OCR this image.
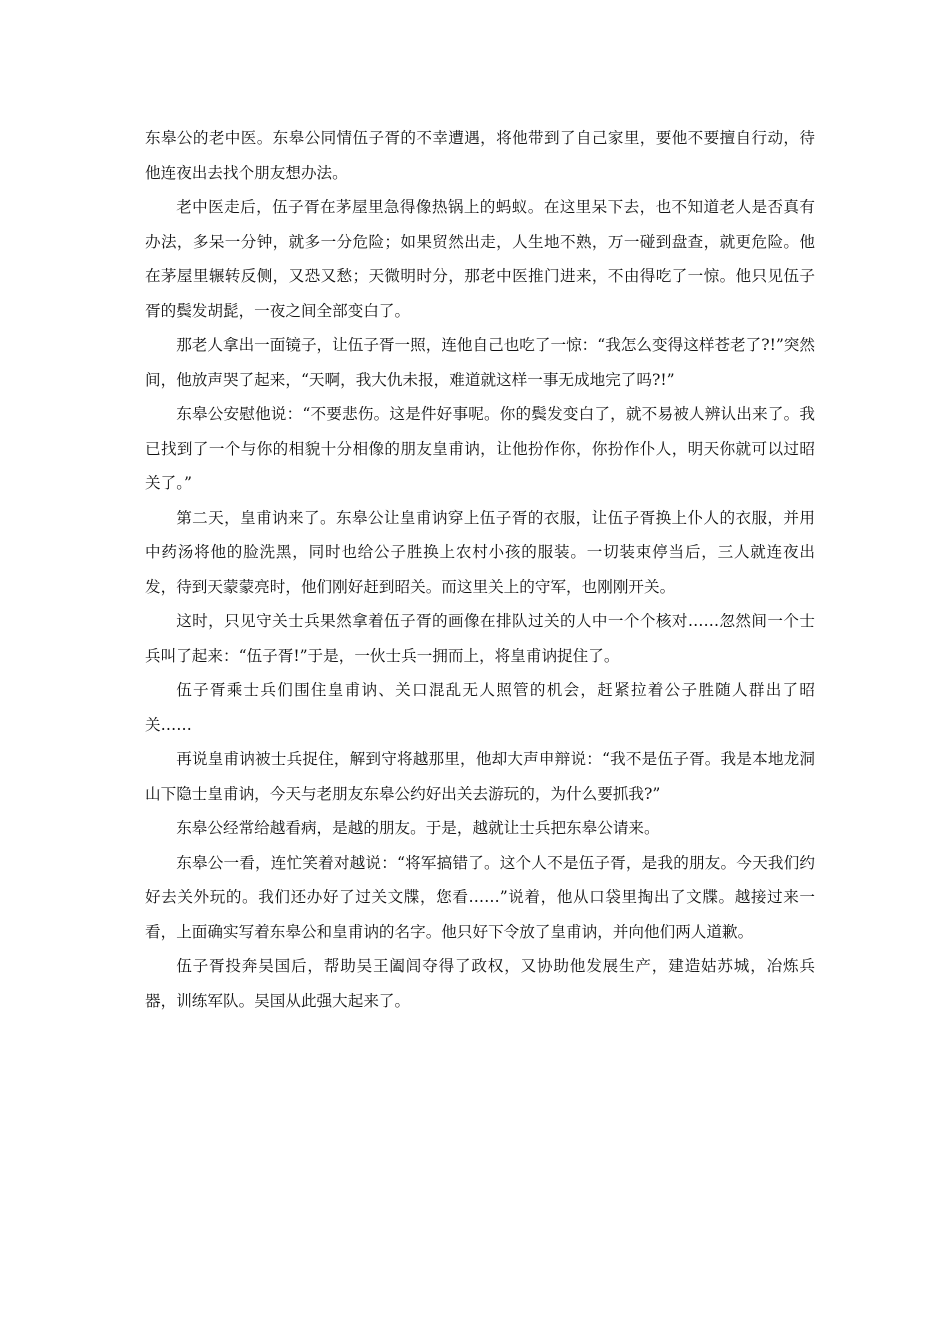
东皋公的老中医。东皋公同情伍子胥的不幸遭遇，将他带到了自己家里，要他不要擅自行动，待他连夜出去找个朋友想办法。

老中医走后，伍子胥在茅屋里急得像热锅上的蚂蚁。在这里呆下去，也不知道老人是否真有办法，多呆一分钟，就多一分危险；如果贸然出走，人生地不熟，万一碰到盘查，就更危险。他在茅屋里辗转反侧，又恐又愁；天微明时分，那老中医推门进来，不由得吃了一惊。他只见伍子胥的鬓发胡髭，一夜之间全部变白了。

那老人拿出一面镜子，让伍子胥一照，连他自己也吃了一惊：“我怎么变得这样苍老了?!”突然间，他放声哭了起来，“天啊，我大仇未报，难道就这样一事无成地完了吗?!”

东皋公安慰他说：“不要悲伤。这是件好事呢。你的鬓发变白了，就不易被人辨认出来了。我已找到了一个与你的相貌十分相像的朋友皇甫讷，让他扮作你，你扮作仆人，明天你就可以过昭关了。”

第二天，皇甫讷来了。东皋公让皇甫讷穿上伍子胥的衣服，让伍子胥换上仆人的衣服，并用中药汤将他的脸洗黑，同时也给公子胜换上农村小孩的服装。一切装束停当后，三人就连夜出发，待到天蒙蒙亮时，他们刚好赶到昭关。而这里关上的守军，也刚刚开关。

这时，只见守关士兵果然拿着伍子胥的画像在排队过关的人中一个个核对……忽然间一个士兵叫了起来：“伍子胥!”于是，一伙士兵一拥而上，将皇甫讷捉住了。

伍子胥乘士兵们围住皇甫讷、关口混乱无人照管的机会，赶紧拉着公子胜随人群出了昭关……

再说皇甫讷被士兵捉住，解到守将越那里，他却大声申辩说：“我不是伍子胥。我是本地龙洞山下隐士皇甫讷，今天与老朋友东皋公约好出关去游玩的，为什么要抓我?”

东皋公经常给越看病，是越的朋友。于是，越就让士兵把东皋公请来。

东皋公一看，连忙笑着对越说：“将军搞错了。这个人不是伍子胥，是我的朋友。今天我们约好去关外玩的。我们还办好了过关文牒，您看……”说着，他从口袋里掏出了文牒。越接过来一看，上面确实写着东皋公和皇甫讷的名字。他只好下令放了皇甫讷，并向他们两人道歉。

伍子胥投奔吴国后，帮助吴王阖闾夺得了政权，又协助他发展生产，建造姑苏城，冶炼兵器，训练军队。吴国从此强大起来了。
